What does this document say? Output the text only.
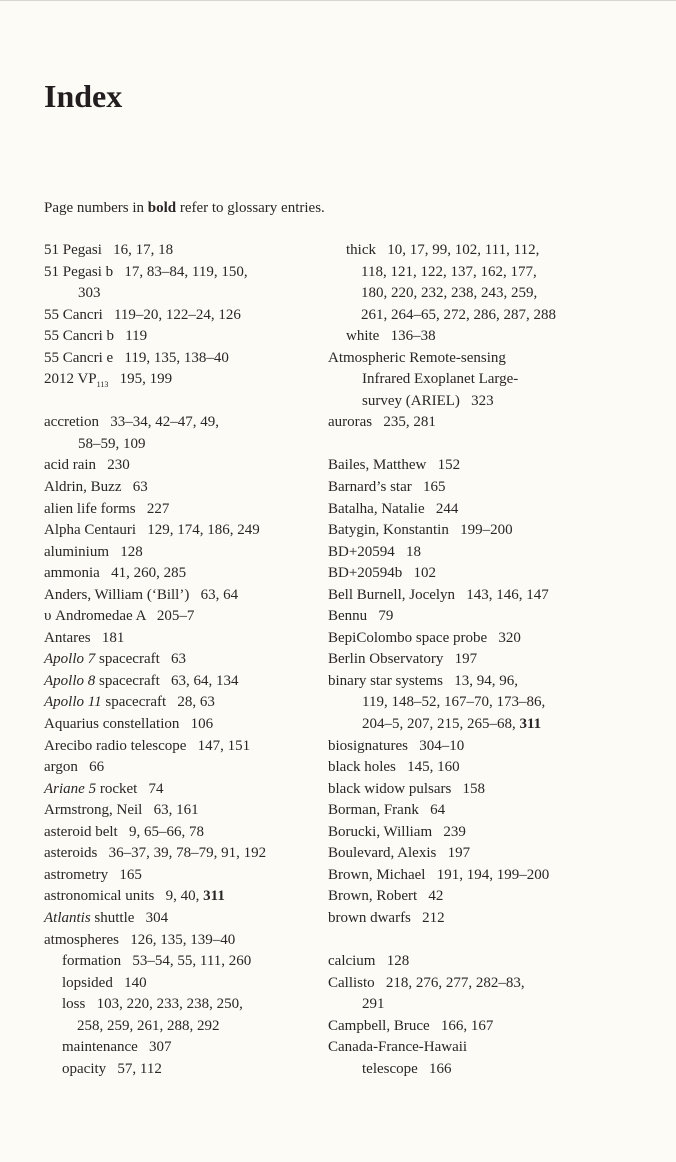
Index
Page numbers in bold refer to glossary entries.
51 Pegasi   16, 17, 18
51 Pegasi b   17, 83–84, 119, 150,
303
55 Cancri   119–20, 122–24, 126
55 Cancri b   119
55 Cancri e   119, 135, 138–40
2012 $VP_{113}$   195, 199
accretion   33–34, 42–47, 49,
58–59, 109
acid rain   230
Aldrin, Buzz   63
alien life forms   227
Alpha Centauri   129, 174, 186, 249
aluminium   128
ammonia   41, 260, 285
Anders, William (‘Bill’)   63, 64
υ Andromedae A   205–7
Antares   181
Apollo 7 spacecraft   63
Apollo 8 spacecraft   63, 64, 134
Apollo 11 spacecraft   28, 63
Aquarius constellation   106
Arecibo radio telescope   147, 151
argon   66
Ariane 5 rocket   74
Armstrong, Neil   63, 161
asteroid belt   9, 65–66, 78
asteroids   36–37, 39, 78–79, 91, 192
astrometry   165
astronomical units   9, 40, 311
Atlantis shuttle   304
atmospheres   126, 135, 139–40
formation   53–54, 55, 111, 260
lopsided   140
loss   103, 220, 233, 238, 250,
258, 259, 261, 288, 292
maintenance   307
opacity   57, 112
thick   10, 17, 99, 102, 111, 112,
118, 121, 122, 137, 162, 177,
180, 220, 232, 238, 243, 259,
261, 264–65, 272, 286, 287, 288
white   136–38
Atmospheric Remote-sensing
Infrared Exoplanet Large-
survey (ARIEL)   323
auroras   235, 281
Bailes, Matthew   152
Barnard’s star   165
Batalha, Natalie   244
Batygin, Konstantin   199–200
BD+20594   18
BD+20594b   102
Bell Burnell, Jocelyn   143, 146, 147
Bennu   79
BepiColombo space probe   320
Berlin Observatory   197
binary star systems   13, 94, 96,
119, 148–52, 167–70, 173–86,
204–5, 207, 215, 265–68, 311
biosignatures   304–10
black holes   145, 160
black widow pulsars   158
Borman, Frank   64
Borucki, William   239
Boulevard, Alexis   197
Brown, Michael   191, 194, 199–200
Brown, Robert   42
brown dwarfs   212
calcium   128
Callisto   218, 276, 277, 282–83,
291
Campbell, Bruce   166, 167
Canada-France-Hawaii
telescope   166
